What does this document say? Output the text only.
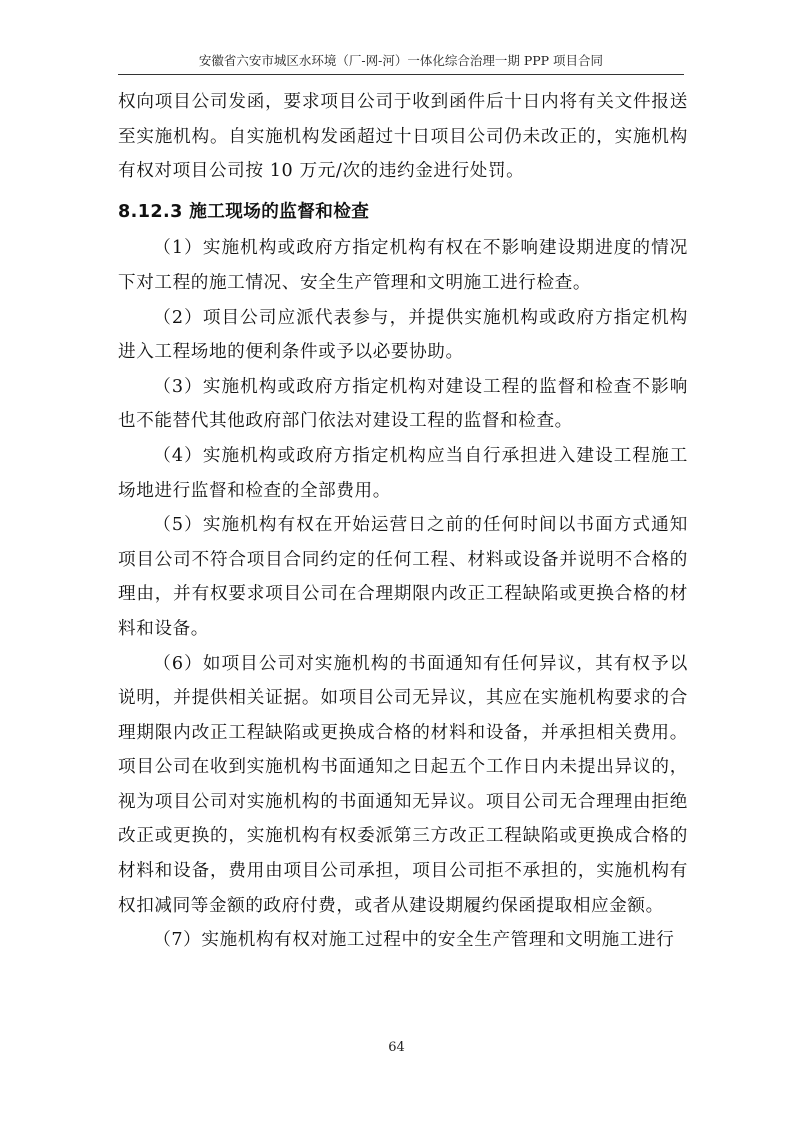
安徽省六安市城区水环境（厂-网-河）一体化综合治理一期 PPP 项目合同

权向项目公司发函，要求项目公司于收到函件后十日内将有关文件报送至实施机构。自实施机构发函超过十日项目公司仍未改正的，实施机构有权对项目公司按 10 万元/次的违约金进行处罚。

8.12.3 施工现场的监督和检查

（1）实施机构或政府方指定机构有权在不影响建设期进度的情况下对工程的施工情况、安全生产管理和文明施工进行检查。

（2）项目公司应派代表参与，并提供实施机构或政府方指定机构进入工程场地的便利条件或予以必要协助。

（3）实施机构或政府方指定机构对建设工程的监督和检查不影响也不能替代其他政府部门依法对建设工程的监督和检查。

（4）实施机构或政府方指定机构应当自行承担进入建设工程施工场地进行监督和检查的全部费用。

（5）实施机构有权在开始运营日之前的任何时间以书面方式通知项目公司不符合项目合同约定的任何工程、材料或设备并说明不合格的理由，并有权要求项目公司在合理期限内改正工程缺陷或更换合格的材料和设备。

（6）如项目公司对实施机构的书面通知有任何异议，其有权予以说明，并提供相关证据。如项目公司无异议，其应在实施机构要求的合理期限内改正工程缺陷或更换成合格的材料和设备，并承担相关费用。项目公司在收到实施机构书面通知之日起五个工作日内未提出异议的，视为项目公司对实施机构的书面通知无异议。项目公司无合理理由拒绝改正或更换的，实施机构有权委派第三方改正工程缺陷或更换成合格的材料和设备，费用由项目公司承担，项目公司拒不承担的，实施机构有权扣减同等金额的政府付费，或者从建设期履约保函提取相应金额。

（7）实施机构有权对施工过程中的安全生产管理和文明施工进行

64
